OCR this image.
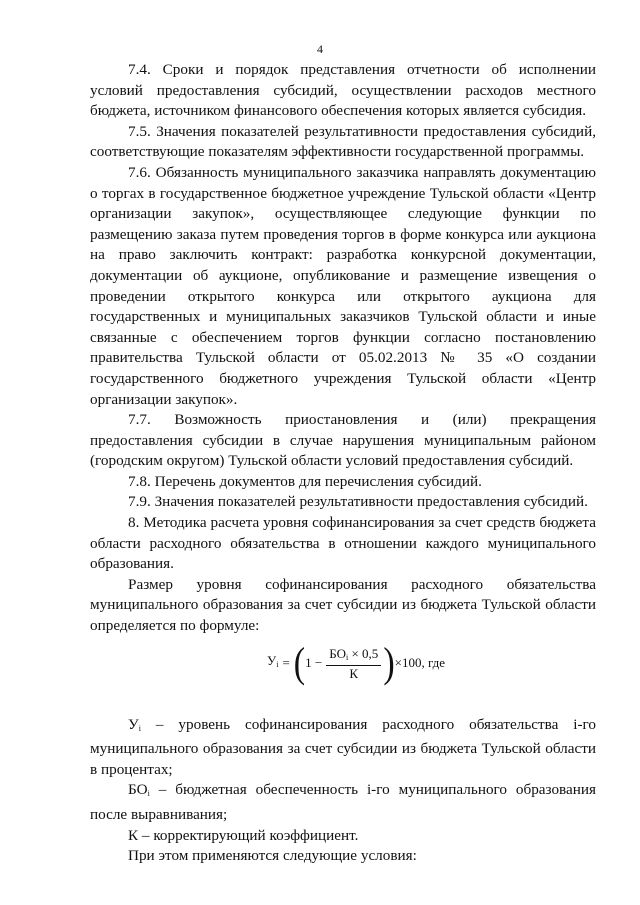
4

7.4. Сроки и порядок представления отчетности об исполнении условий предоставления субсидий, осуществлении расходов местного бюджета, источником финансового обеспечения которых является субсидия.

7.5. Значения показателей результативности предоставления субсидий, соответствующие показателям эффективности государственной программы.

7.6. Обязанность муниципального заказчика направлять документацию о торгах в государственное бюджетное учреждение Тульской области «Центр организации закупок», осуществляющее следующие функции по размещению заказа путем проведения торгов в форме конкурса или аукциона на право заключить контракт: разработка конкурсной документации, документации об аукционе, опубликование и размещение извещения о проведении открытого конкурса или открытого аукциона для государственных и муниципальных заказчиков Тульской области и иные связанные с обеспечением торгов функции согласно постановлению правительства Тульской области от 05.02.2013 № 35 «О создании государственного бюджетного учреждения Тульской области «Центр организации закупок».

7.7. Возможность приостановления и (или) прекращения предоставления субсидии в случае нарушения муниципальным районом (городским округом) Тульской области условий предоставления субсидий.

7.8. Перечень документов для перечисления субсидий.

7.9. Значения показателей результативности предоставления субсидий.

8. Методика расчета уровня софинансирования за счет средств бюджета области расходного обязательства в отношении каждого муниципального образования.

Размер уровня софинансирования расходного обязательства муниципального образования за счет субсидии из бюджета Тульской области определяется по формуле:

$У_i$ = ( $1 - \frac{БО_i \times 0,5}{К}$ ) ×100, где

$У_i$ – уровень софинансирования расходного обязательства i-го муниципального образования за счет субсидии из бюджета Тульской области в процентах;

$БО_i$ – бюджетная обеспеченность i-го муниципального образования после выравнивания;

К – корректирующий коэффициент.

При этом применяются следующие условия:
